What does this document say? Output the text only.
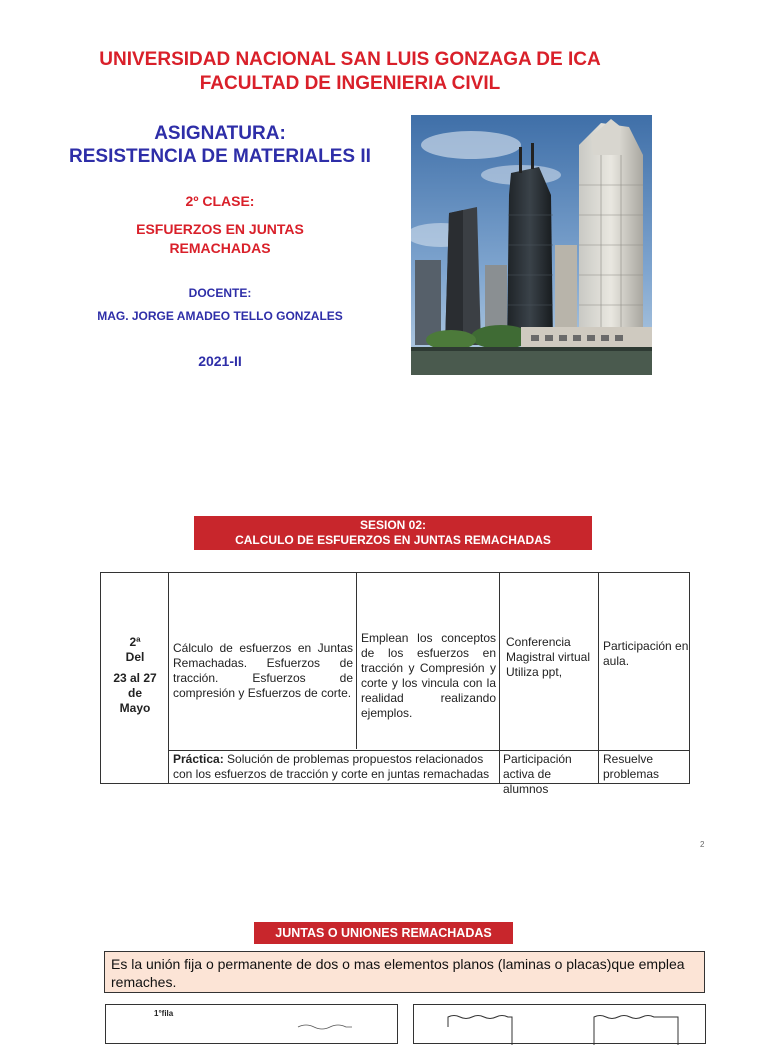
UNIVERSIDAD NACIONAL SAN LUIS GONZAGA DE ICA
FACULTAD DE INGENIERIA CIVIL
ASIGNATURA:
RESISTENCIA DE MATERIALES II
2º CLASE:
ESFUERZOS EN JUNTAS
REMACHADAS
DOCENTE:
MAG. JORGE AMADEO TELLO GONZALES
2021-II
SESION 02:
CALCULO DE ESFUERZOS EN JUNTAS REMACHADAS
2ª
Del
23 al 27
de
Mayo
Cálculo de esfuerzos en Juntas Remachadas. Esfuerzos de tracción. Esfuerzos de compresión y Esfuerzos de corte.
Emplean los conceptos de los esfuerzos en tracción y Compresión y corte y los vincula con la realidad realizando ejemplos.
Conferencia Magistral virtual Utiliza ppt,
Participación en aula.
Práctica: Solución de problemas propuestos relacionados con los esfuerzos de tracción y corte en juntas remachadas
Participación activa de alumnos
Resuelve problemas
2
JUNTAS O UNIONES REMACHADAS
Es la unión fija o permanente de dos o mas elementos planos (laminas o placas)que emplea remaches.
1°fila
